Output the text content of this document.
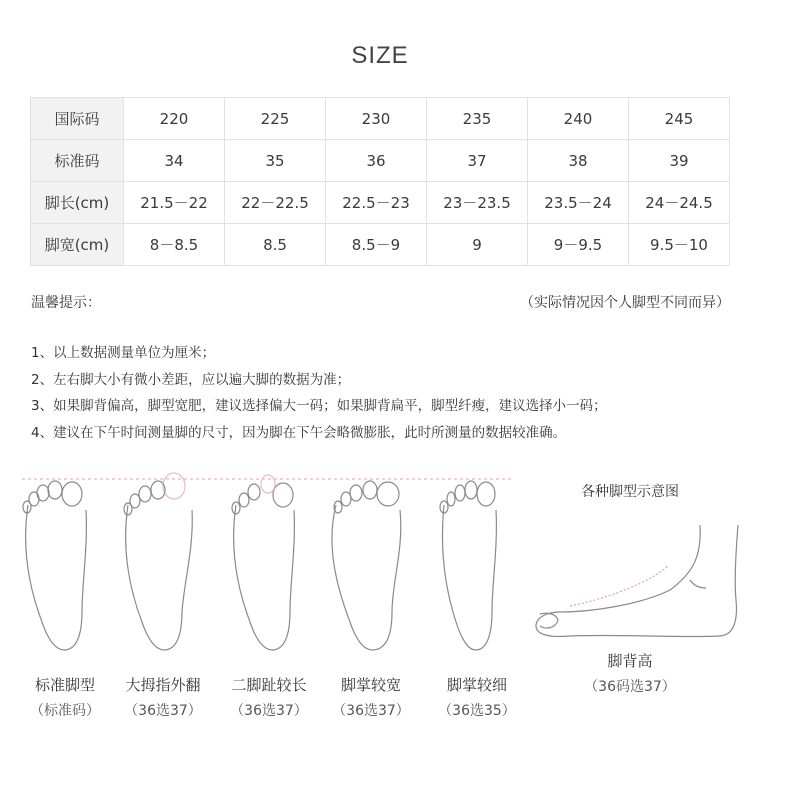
SIZE
国际码	220	225	230	235	240	245
标准码	34	35	36	37	38	39
脚长(cm)	21.5－22	22－22.5	22.5－23	23－23.5	23.5－24	24－24.5
脚宽(cm)	8－8.5	8.5	8.5－9	9	9－9.5	9.5－10
温馨提示：	（实际情况因个人脚型不同而异）
1、以上数据测量单位为厘米；
2、左右脚大小有微小差距，应以遍大脚的数据为准；
3、如果脚背偏高，脚型宽肥，建议选择偏大一码；如果脚背扁平，脚型纤瘦，建议选择小一码；
4、建议在下午时间测量脚的尺寸，因为脚在下午会略微膨胀，此时所测量的数据较准确。
标准脚型
（标准码）
大拇指外翻
（36选37）
二脚趾较长
（36选37）
脚掌较宽
（36选37）
脚掌较细
（36选35）
各种脚型示意图
脚背高
（36码选37）
